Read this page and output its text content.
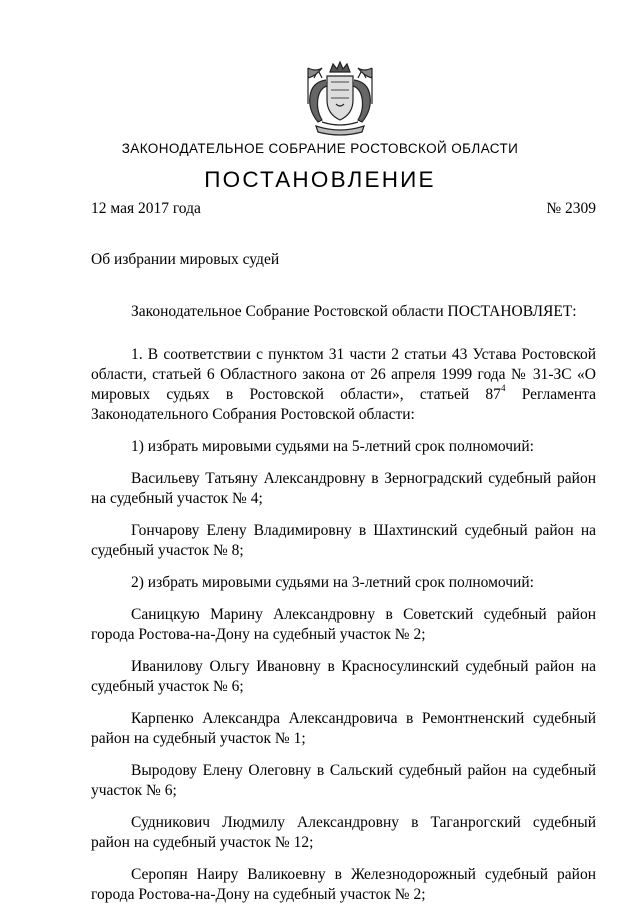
ЗАКОНОДАТЕЛЬНОЕ СОБРАНИЕ РОСТОВСКОЙ ОБЛАСТИ
ПОСТАНОВЛЕНИЕ
12 мая 2017 года	№ 2309
Об избрании мировых судей
Законодательное Собрание Ростовской области ПОСТАНОВЛЯЕТ:

1. В соответствии с пунктом 31 части 2 статьи 43 Устава Ростовской области, статьей 6 Областного закона от 26 апреля 1999 года № 31-ЗС «О мировых судьях в Ростовской области», статьей $87^4$ Регламента Законодательного Собрания Ростовской области:

1) избрать мировыми судьями на 5-летний срок полномочий:

Васильеву Татьяну Александровну в Зерноградский судебный район на судебный участок № 4;

Гончарову Елену Владимировну в Шахтинский судебный район на судебный участок № 8;

2) избрать мировыми судьями на 3-летний срок полномочий:

Саницкую Марину Александровну в Советский судебный район города Ростова-на-Дону на судебный участок № 2;

Иванилову Ольгу Ивановну в Красносулинский судебный район на судебный участок № 6;

Карпенко Александра Александровича в Ремонтненский судебный район на судебный участок № 1;

Выродову Елену Олеговну в Сальский судебный район на судебный участок № 6;

Судникович Людмилу Александровну в Таганрогский судебный район на судебный участок № 12;

Серопян Наиру Валикоевну в Железнодорожный судебный район города Ростова-на-Дону на судебный участок № 2;
